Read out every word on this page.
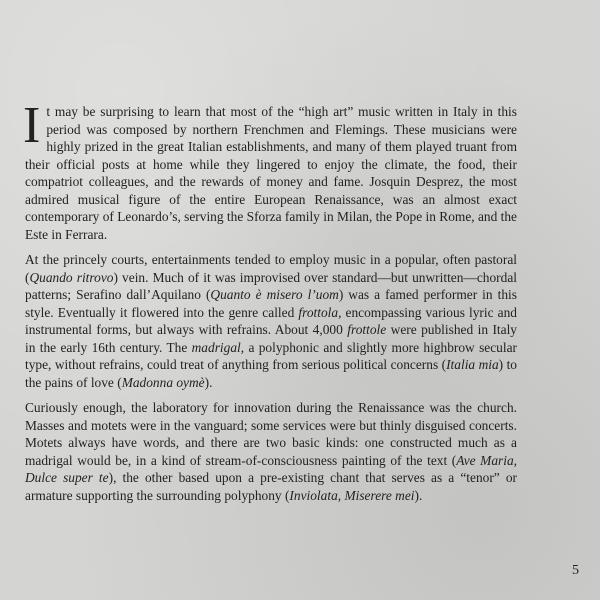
It may be surprising to learn that most of the “high art” music written in Italy in this period was composed by northern Frenchmen and Flemings. These musicians were highly prized in the great Italian establishments, and many of them played truant from their official posts at home while they lingered to enjoy the climate, the food, their compatriot colleagues, and the rewards of money and fame. Josquin Desprez, the most admired musical figure of the entire European Renaissance, was an almost exact contemporary of Leonardo’s, serving the Sforza family in Milan, the Pope in Rome, and the Este in Ferrara.

At the princely courts, entertainments tended to employ music in a popular, often pastoral (Quando ritrovo) vein. Much of it was improvised over standard—but unwritten—chordal patterns; Serafino dall’Aquilano (Quanto è misero l’uom) was a famed performer in this style. Eventually it flowered into the genre called frottola, encompassing various lyric and instrumental forms, but always with refrains. About 4,000 frottole were published in Italy in the early 16th century. The madrigal, a polyphonic and slightly more highbrow secular type, without refrains, could treat of anything from serious political concerns (Italia mia) to the pains of love (Madonna oymè).

Curiously enough, the laboratory for innovation during the Renaissance was the church. Masses and motets were in the vanguard; some services were but thinly disguised concerts. Motets always have words, and there are two basic kinds: one constructed much as a madrigal would be, in a kind of stream-of-consciousness painting of the text (Ave Maria, Dulce super te), the other based upon a pre-existing chant that serves as a “tenor” or armature supporting the surrounding polyphony (Inviolata, Miserere mei).

5
